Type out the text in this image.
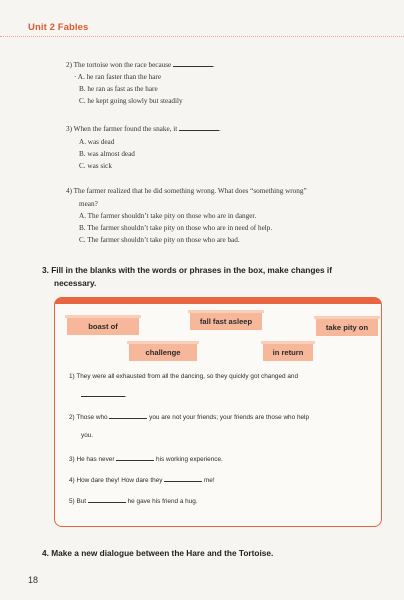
Unit 2 Fables
2) The tortoise won the race because	.
· A. he ran faster than the hare
B. he ran as fast as the hare
C. he kept going slowly but steadily
3) When the farmer found the snake, it	.
A. was dead
B. was almost dead
C. was sick
4) The farmer realized that he did something wrong. What does “something wrong”
mean?
A. The farmer shouldn’t take pity on those who are in danger.
B. The farmer shouldn’t take pity on those who are in need of help.
C. The farmer shouldn’t take pity on those who are bad.
3. Fill in the blanks with the words or phrases in the box, make changes if
necessary.
boast of
fall fast asleep
take pity on
challenge	in return
1) They were all exhausted from all the dancing, so they quickly got changed and
.
2) Those who	you are not your friends; your friends are those who help
you.
3) He has never	his working experience.
4) How dare they! How dare they	me!
5) But	he gave his friend a hug.
4. Make a new dialogue between the Hare and the Tortoise.
18
